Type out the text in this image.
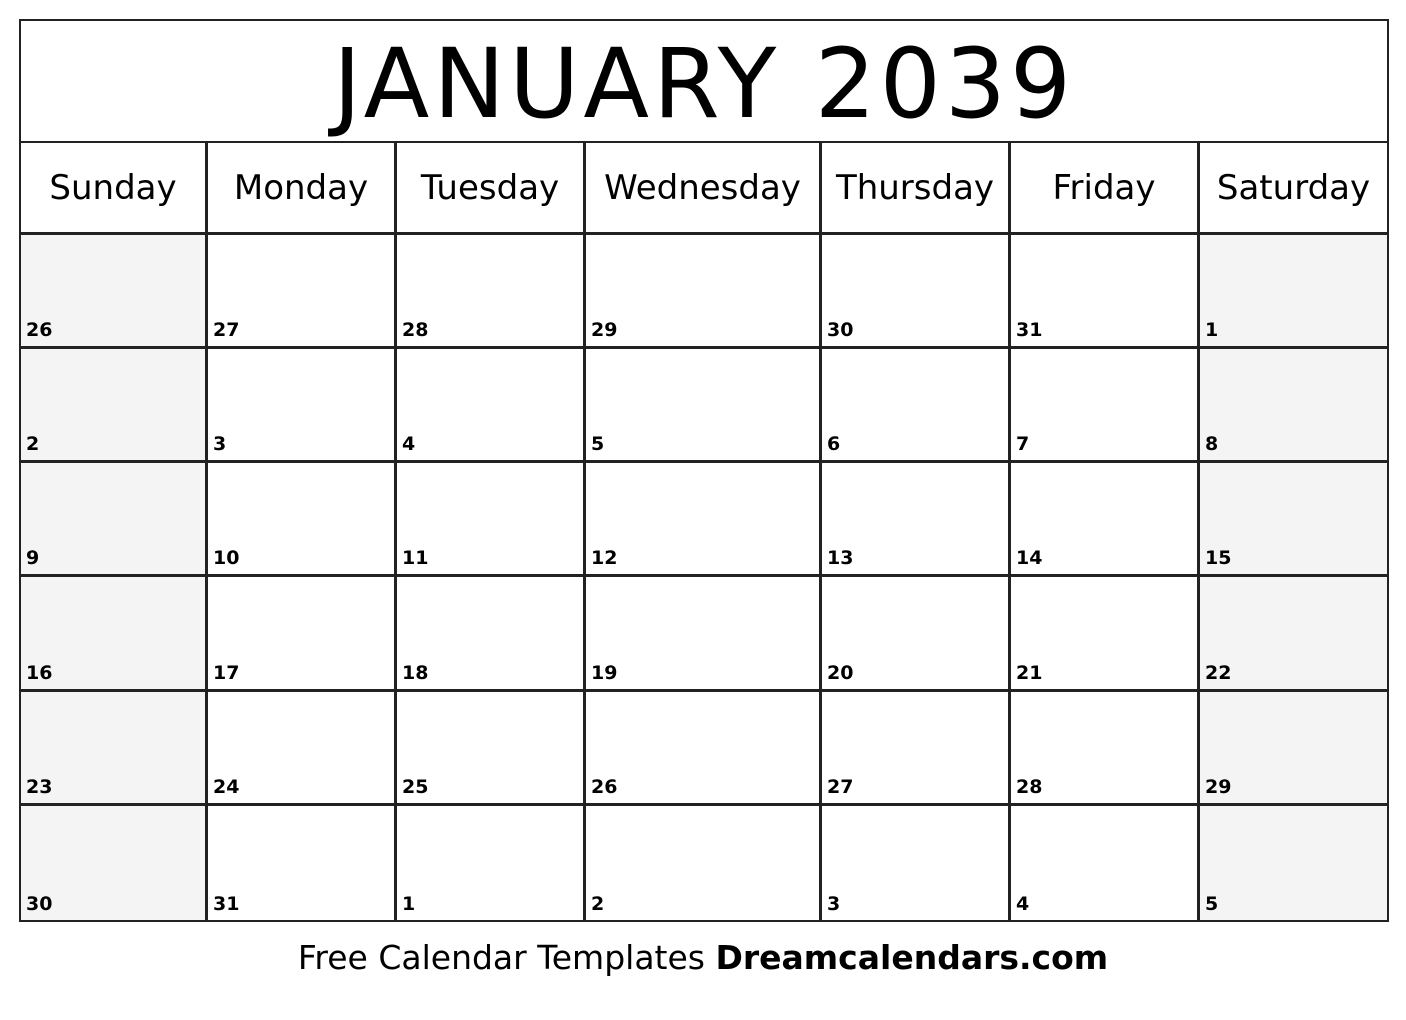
JANUARY 2039
Sunday	Monday	Tuesday	Wednesday	Thursday	Friday	Saturday
26	27	28	29	30	31	1
2	3	4	5	6	7	8
9	10	11	12	13	14	15
16	17	18	19	20	21	22
23	24	25	26	27	28	29
30	31	1	2	3	4	5
Free Calendar Templates Dreamcalendars.com
